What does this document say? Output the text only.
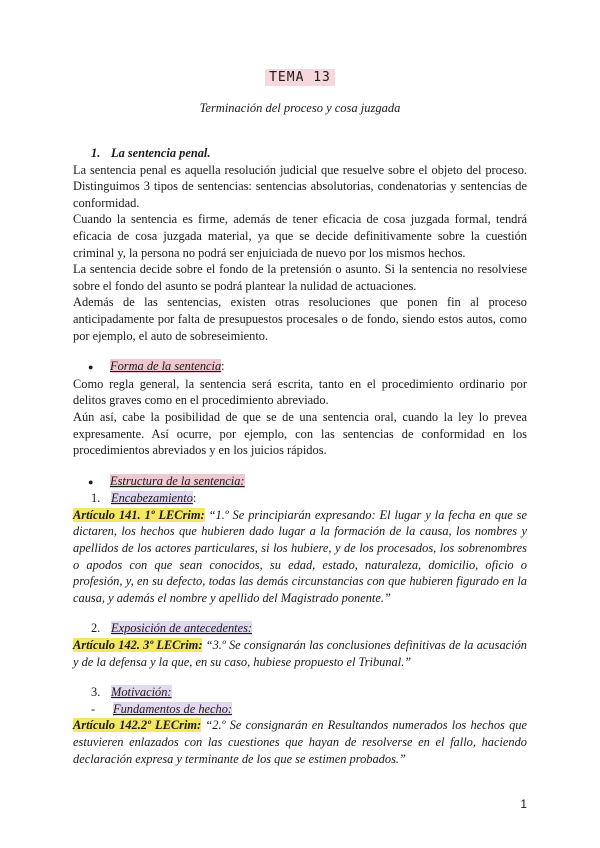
TEMA 13
Terminación del proceso y cosa juzgada

1. La sentencia penal.

La sentencia penal es aquella resolución judicial que resuelve sobre el objeto del proceso. Distinguimos 3 tipos de sentencias: sentencias absolutorias, condenatorias y sentencias de conformidad.

Cuando la sentencia es firme, además de tener eficacia de cosa juzgada formal, tendrá eficacia de cosa juzgada material, ya que se decide definitivamente sobre la cuestión criminal y, la persona no podrá ser enjuiciada de nuevo por los mismos hechos.

La sentencia decide sobre el fondo de la pretensión o asunto. Si la sentencia no resolviese sobre el fondo del asunto se podrá plantear la nulidad de actuaciones.

Además de las sentencias, existen otras resoluciones que ponen fin al proceso anticipadamente por falta de presupuestos procesales o de fondo, siendo estos autos, como por ejemplo, el auto de sobreseimiento.

● Forma de la sentencia:

Como regla general, la sentencia será escrita, tanto en el procedimiento ordinario por delitos graves como en el procedimiento abreviado.

Aún así, cabe la posibilidad de que se de una sentencia oral, cuando la ley lo prevea expresamente. Así ocurre, por ejemplo, con las sentencias de conformidad en los procedimientos abreviados y en los juicios rápidos.

● Estructura de la sentencia:

1. Encabezamiento:

Artículo 141. 1º LECrim: “1.º Se principiarán expresando: El lugar y la fecha en que se dictaren, los hechos que hubieren dado lugar a la formación de la causa, los nombres y apellidos de los actores particulares, si los hubiere, y de los procesados, los sobrenombres o apodos con que sean conocidos, su edad, estado, naturaleza, domicilio, oficio o profesión, y, en su defecto, todas las demás circunstancias con que hubieren figurado en la causa, y además el nombre y apellido del Magistrado ponente.”

2. Exposición de antecedentes:

Artículo 142. 3º LECrim: “3.º Se consignarán las conclusiones definitivas de la acusación y de la defensa y la que, en su caso, hubiese propuesto el Tribunal.”

3. Motivación:

- Fundamentos de hecho:

Artículo 142.2º LECrim: “2.º Se consignarán en Resultandos numerados los hechos que estuvieren enlazados con las cuestiones que hayan de resolverse en el fallo, haciendo declaración expresa y terminante de los que se estimen probados.”

1
